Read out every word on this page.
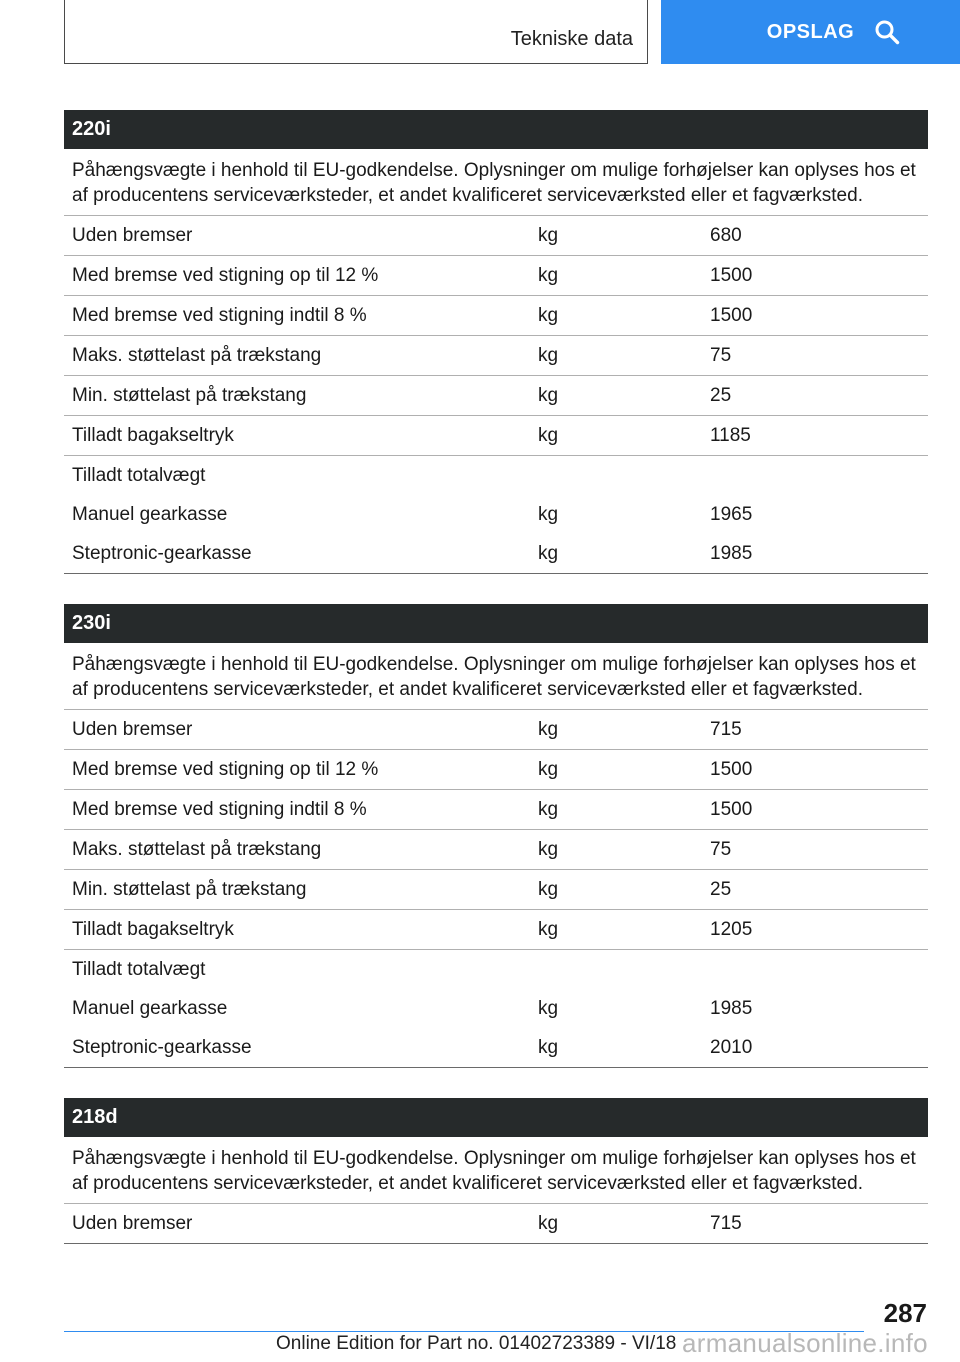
Tekniske data	OPSLAG
220i
Påhængsvægte i henhold til EU-godkendelse. Oplysninger om mulige forhøjelser kan oplyses hos et af producentens serviceværksteder, et andet kvalificeret serviceværksted eller et fagværksted.
Uden bremser	kg	680
Med bremse ved stigning op til 12 %	kg	1500
Med bremse ved stigning indtil 8 %	kg	1500
Maks. støttelast på trækstang	kg	75
Min. støttelast på trækstang	kg	25
Tilladt bagakseltryk	kg	1185
Tilladt totalvægt
Manuel gearkasse	kg	1965
Steptronic-gearkasse	kg	1985
230i
Påhængsvægte i henhold til EU-godkendelse. Oplysninger om mulige forhøjelser kan oplyses hos et af producentens serviceværksteder, et andet kvalificeret serviceværksted eller et fagværksted.
Uden bremser	kg	715
Med bremse ved stigning op til 12 %	kg	1500
Med bremse ved stigning indtil 8 %	kg	1500
Maks. støttelast på trækstang	kg	75
Min. støttelast på trækstang	kg	25
Tilladt bagakseltryk	kg	1205
Tilladt totalvægt
Manuel gearkasse	kg	1985
Steptronic-gearkasse	kg	2010
218d
Påhængsvægte i henhold til EU-godkendelse. Oplysninger om mulige forhøjelser kan oplyses hos et af producentens serviceværksteder, et andet kvalificeret serviceværksted eller et fagværksted.
Uden bremser	kg	715
287
Online Edition for Part no. 01402723389 - VI/18 armanualsonline.info
